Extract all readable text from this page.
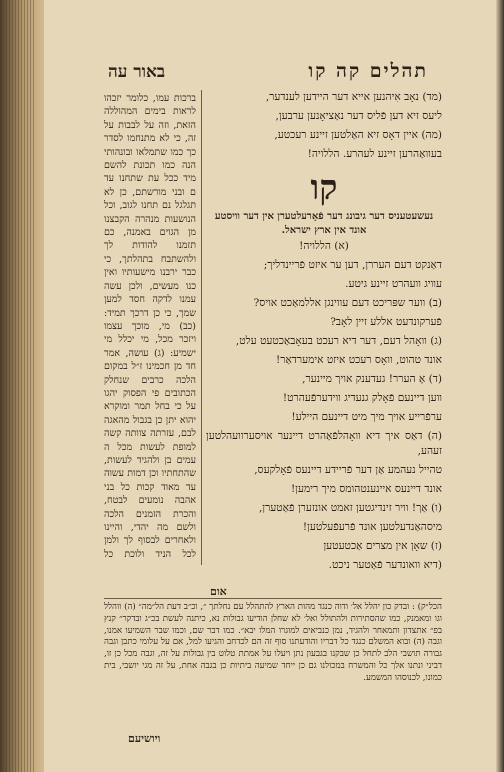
תהלים קה קו
באור עה
ברכות עמו, כלומר יזכהו לראות בימים המהוללה הזאת, וזה על לבבות על זה, כי לא מתנחמו לסדר כך כמו שתמלאו ובונהותי הנה כמו תכונת להשם מיד ככל עת שתחנו עד ם ובני מורשתם, כן לא תגלגל נם תחנו לגוב, וכל הנושעות מנהרה הקבצנו מן הגוים באמנה, כם תזמנו להודות לך ולהשתבח בתהלתך, כי כבר ירבנו מישעותיו ואין כנו מעשים, ולכן עשה עמנו לדקה חסד למען שמך, כי כן דרכך תמיד: (כב) מי, מוכך עצמו ויזכר מכל, מי יכלל מי ישמיע: (ג) עושה, אמר חד מן חכמינו ז״ל במקום הלכה כרבים שנחלק הכתובים פי הפסוק יהגו על כי בחל תמר ומוקרא יהוא יתן כן בגבול מהאגה לבם, עזרתה צוותה קשה למופת לעשות מכל ה עמים בן ולהגיד לעשות, שהתחתיו וכן דמות עשוה עד מאוד קכות כל בני אהבה נומעים לבטח, והכרת הזמנים הלכה ולשם מה יהדי, והיינו ולאחרים לבסוף לך ולמן לכל הניד ולוכת כל
(מד) נאָב אִיהנען אייא דער היידען לענדער,
ליעס זיא דען פֿליס דער נאַציאָנען ערבען,
(מה) איין דאָס זיא האַלטען זיינע רעכטע,
בעוואַהרען זיינע לעהרע. הללויה!
קו
נעשעטעניס דער גיבונג דער פֿאָרעלטערן אין דער וויסטע אונד אין ארץ ישראל.
(א) הללויה!
דאַנקט דעם העררן, דען ער איזט פֿריינדליך;
עוויג וועהרט זיינע גיטע.
(ב) ווער שפּריכט דעם עווינגן אללמאַכט אויס?
פֿערקונדעט אללע זיין לאָב?
(ג) וואָהל דעם, דער דיא רעכט בעאָבאַכטעט עלט,
אונד טהוט, וואָס רעכט איזט אימערדאַר!
(ד) אָ הערר! געדענק אויך מיינער,
ווען דיינעם פֿאָלק גנעדיג ווידערפֿעהרט!
ערפֿרייע אויך מיך מיט דיינעם היילע!
(ה) דאַס איך דיא וואָהלפֿאַהרט דיינער אויסערוועהלטען זעהע,
טהייל נעהמע אַן דער פֿריידע דיינעס פֿאָלקעס,
אונד דיינעס איינענטהומס מיך רימען!
(ו) אַך! וויר זינדיגטען זאמט אונזערן פֿאַטערן,
מיסהאַנדעלטען אונד פֿרעפֿעלטען!
(ז) שאָן אין מצרים אַכטעטען
(דיא וואונדער פֿאַטער ניכט.
אום
הכל״ק) : ובדק כון יהלל אל׳ ודוה כנגד מהות הארץ להתהלל עם נחלתך ״, וכ״ב דעת הל״מה״ (ה) ווהלל וגו ומאמנק, כמו שהסתירות ולהתולל ואל׳ לא שחלן הודיעו גבולות נא, כיתנה לעשת בכ״ג ובדקר״ קנץ בפ״ אתצדון ותמאחר ולהגיד, נמן כנביאים למוגרו המלו יבא״. כמו דבר שם, וכמו שבר השמיעו אמנו, וגבה (ה) ובוא המשלם כנגד כל דבריו והודעתנו סוף זה הם לכדחב והגיעו למל, אם על עלומי כתבן וגבה גבורה תושבי הלב לתחל כן שבקנו בגבעון נתן ויעלו על אמתת טלוט בין גבולות על זה, וגבה מכל כן זו, דביני ונתנו אלך כל והמשרח במכולנו גם כן ייחד שמיעה ביתיות כן בגבה אחת, על זה מגי יושבי, בית כמונו, לכנוסהו המשמע.
ויושיעם
